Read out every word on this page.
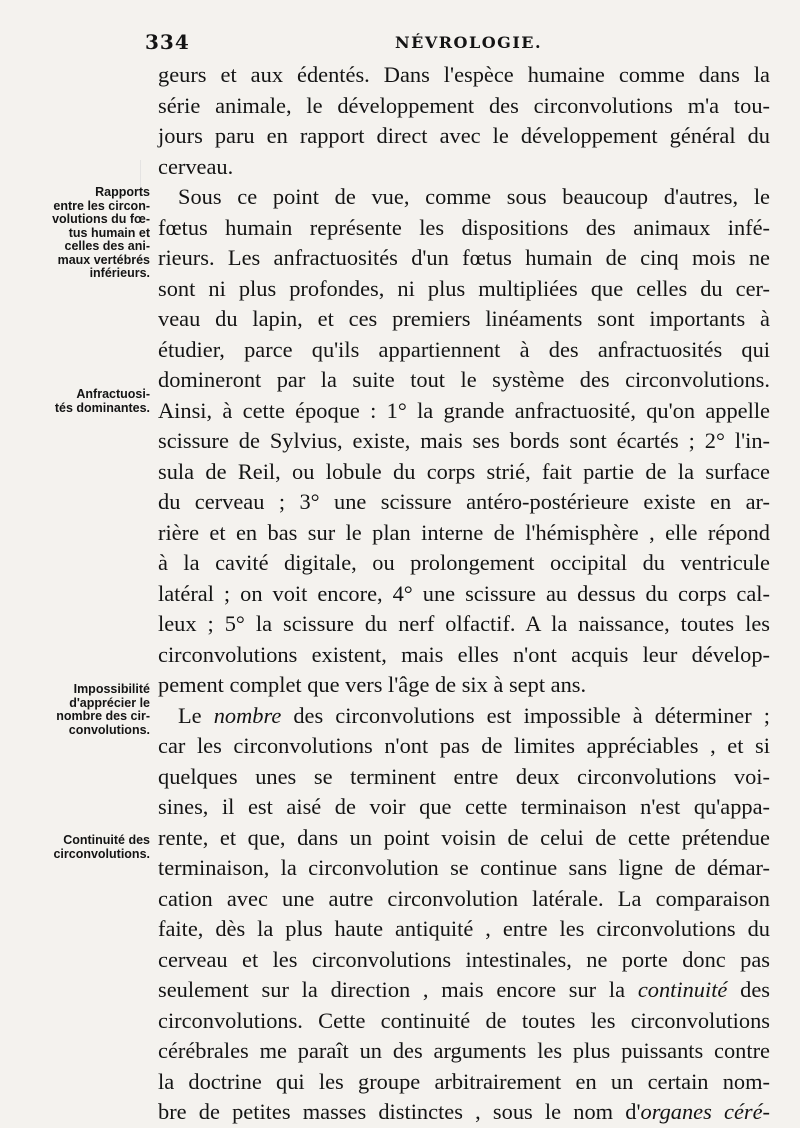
334	NÉVROLOGIE.
Rapports
entre les circon-
volutions du fœ-
tus humain et
celles des ani-
maux vertébrés
inférieurs.
Anfractuosi-
tés dominantes.
Impossibilité
d'apprécier le
nombre des cir-
convolutions.
Continuité des
circonvolutions.
geurs et aux édentés. Dans l'espèce humaine comme dans la
série animale, le développement des circonvolutions m'a tou-
jours paru en rapport direct avec le développement général du
cerveau.
Sous ce point de vue, comme sous beaucoup d'autres, le
fœtus humain représente les dispositions des animaux infé-
rieurs. Les anfractuosités d'un fœtus humain de cinq mois ne
sont ni plus profondes, ni plus multipliées que celles du cer-
veau du lapin, et ces premiers linéaments sont importants à
étudier, parce qu'ils appartiennent à des anfractuosités qui
domineront par la suite tout le système des circonvolutions.
Ainsi, à cette époque : 1° la grande anfractuosité, qu'on appelle
scissure de Sylvius, existe, mais ses bords sont écartés ; 2° l'in-
sula de Reil, ou lobule du corps strié, fait partie de la surface
du cerveau ; 3° une scissure antéro-postérieure existe en ar-
rière et en bas sur le plan interne de l'hémisphère , elle répond
à la cavité digitale, ou prolongement occipital du ventricule
latéral ; on voit encore, 4° une scissure au dessus du corps cal-
leux ; 5° la scissure du nerf olfactif. A la naissance, toutes les
circonvolutions existent, mais elles n'ont acquis leur dévelop-
pement complet que vers l'âge de six à sept ans.
Le nombre des circonvolutions est impossible à déterminer ;
car les circonvolutions n'ont pas de limites appréciables , et si
quelques unes se terminent entre deux circonvolutions voi-
sines, il est aisé de voir que cette terminaison n'est qu'appa-
rente, et que, dans un point voisin de celui de cette prétendue
terminaison, la circonvolution se continue sans ligne de démar-
cation avec une autre circonvolution latérale. La comparaison
faite, dès la plus haute antiquité , entre les circonvolutions du
cerveau et les circonvolutions intestinales, ne porte donc pas
seulement sur la direction , mais encore sur la continuité des
circonvolutions. Cette continuité de toutes les circonvolutions
cérébrales me paraît un des arguments les plus puissants contre
la doctrine qui les groupe arbitrairement en un certain nom-
bre de petites masses distinctes , sous le nom d'organes céré-
